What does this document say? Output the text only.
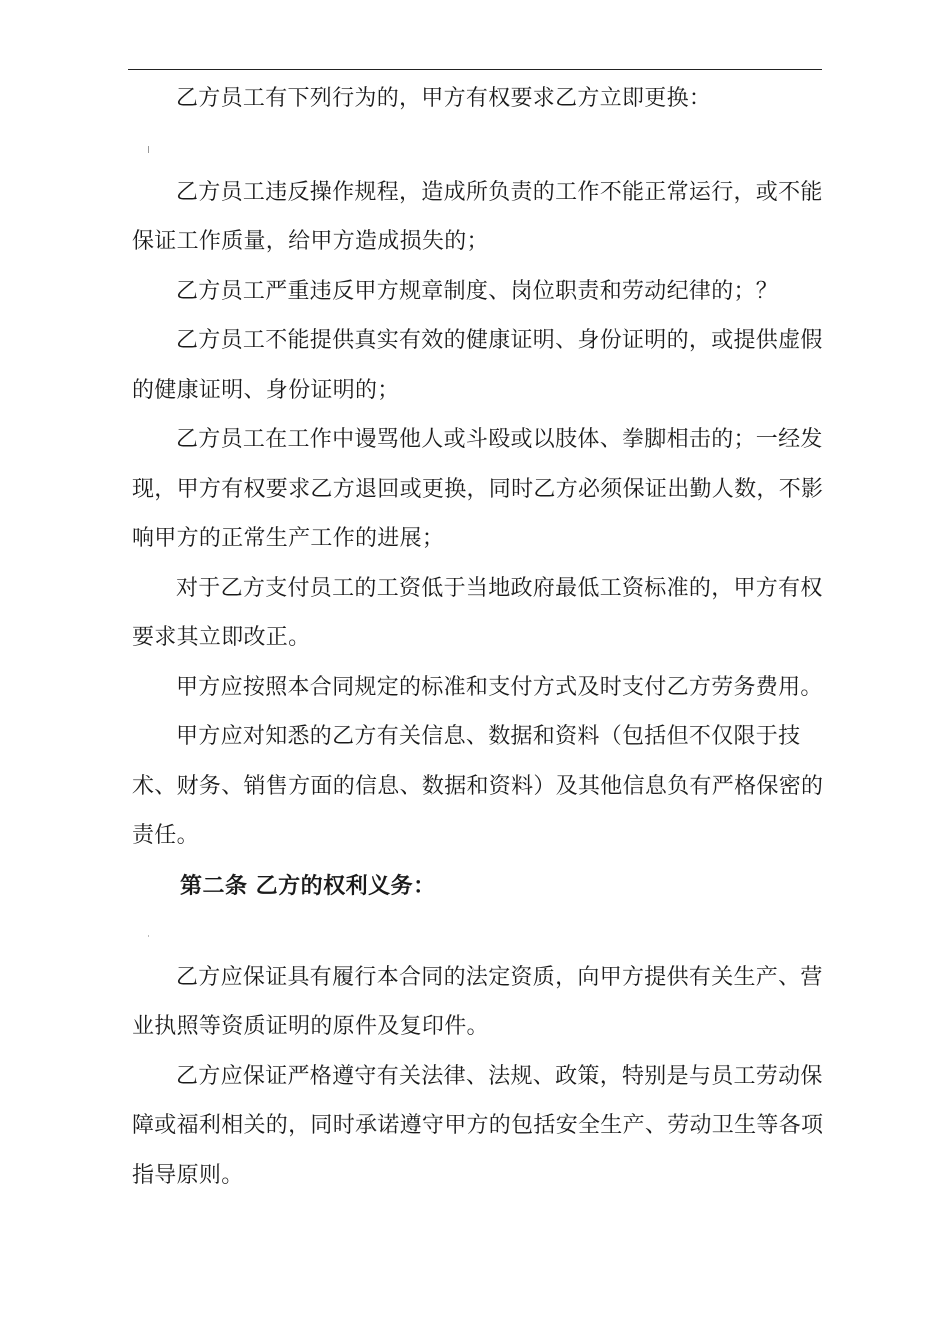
乙方员工有下列行为的，甲方有权要求乙方立即更换：

乙方员工违反操作规程，造成所负责的工作不能正常运行，或不能保证工作质量，给甲方造成损失的；

乙方员工严重违反甲方规章制度、岗位职责和劳动纪律的；？

乙方员工不能提供真实有效的健康证明、身份证明的，或提供虚假的健康证明、身份证明的；

乙方员工在工作中谩骂他人或斗殴或以肢体、拳脚相击的；一经发现，甲方有权要求乙方退回或更换，同时乙方必须保证出勤人数，不影响甲方的正常生产工作的进展；

对于乙方支付员工的工资低于当地政府最低工资标准的，甲方有权要求其立即改正。

甲方应按照本合同规定的标准和支付方式及时支付乙方劳务费用。

甲方应对知悉的乙方有关信息、数据和资料（包括但不仅限于技术、财务、销售方面的信息、数据和资料）及其他信息负有严格保密的责任。

第二条 乙方的权利义务：

乙方应保证具有履行本合同的法定资质，向甲方提供有关生产、营业执照等资质证明的原件及复印件。

乙方应保证严格遵守有关法律、法规、政策，特别是与员工劳动保障或福利相关的，同时承诺遵守甲方的包括安全生产、劳动卫生等各项指导原则。
